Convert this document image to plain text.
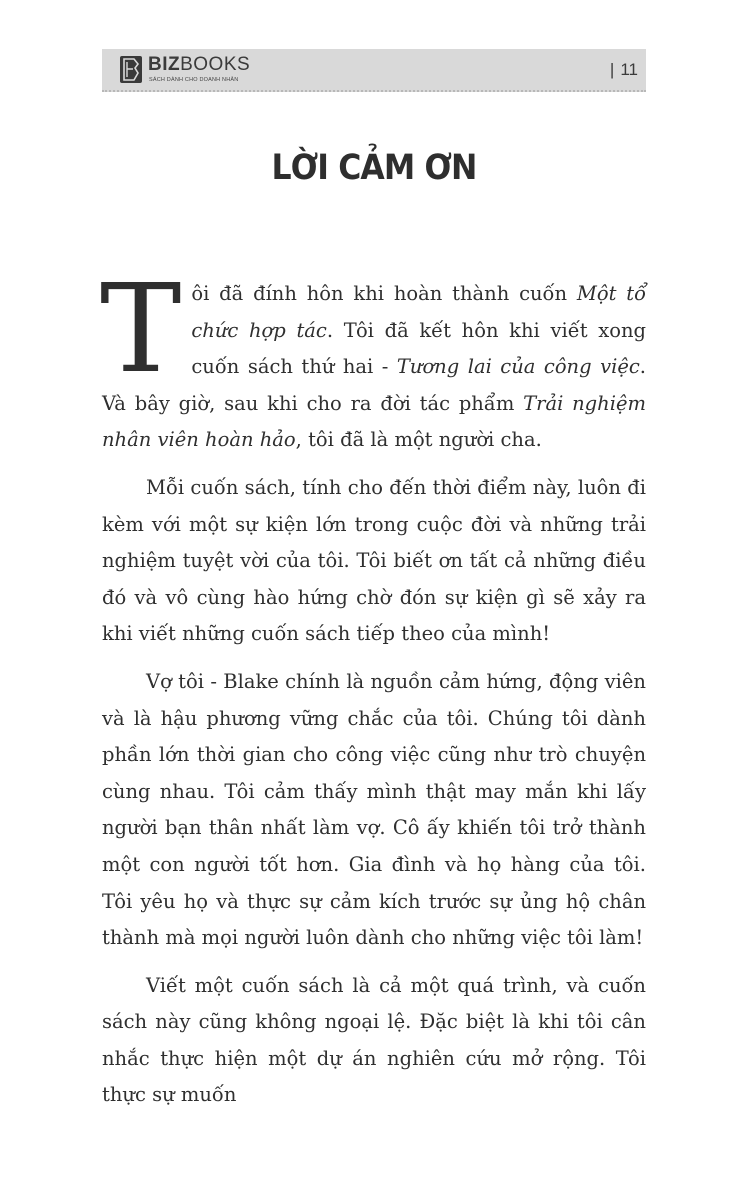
BIZBOOKS
SÁCH DÀNH CHO DOANH NHÂN
| 11
LỜI CẢM ƠN

Tôi đã đính hôn khi hoàn thành cuốn Một tổ chức hợp tác. Tôi đã kết hôn khi viết xong cuốn sách thứ hai - Tương lai của công việc. Và bây giờ, sau khi cho ra đời tác phẩm Trải nghiệm nhân viên hoàn hảo, tôi đã là một người cha.

Mỗi cuốn sách, tính cho đến thời điểm này, luôn đi kèm với một sự kiện lớn trong cuộc đời và những trải nghiệm tuyệt vời của tôi. Tôi biết ơn tất cả những điều đó và vô cùng hào hứng chờ đón sự kiện gì sẽ xảy ra khi viết những cuốn sách tiếp theo của mình!

Vợ tôi - Blake chính là nguồn cảm hứng, động viên và là hậu phương vững chắc của tôi. Chúng tôi dành phần lớn thời gian cho công việc cũng như trò chuyện cùng nhau. Tôi cảm thấy mình thật may mắn khi lấy người bạn thân nhất làm vợ. Cô ấy khiến tôi trở thành một con người tốt hơn. Gia đình và họ hàng của tôi. Tôi yêu họ và thực sự cảm kích trước sự ủng hộ chân thành mà mọi người luôn dành cho những việc tôi làm!

Viết một cuốn sách là cả một quá trình, và cuốn sách này cũng không ngoại lệ. Đặc biệt là khi tôi cân nhắc thực hiện một dự án nghiên cứu mở rộng. Tôi thực sự muốn
